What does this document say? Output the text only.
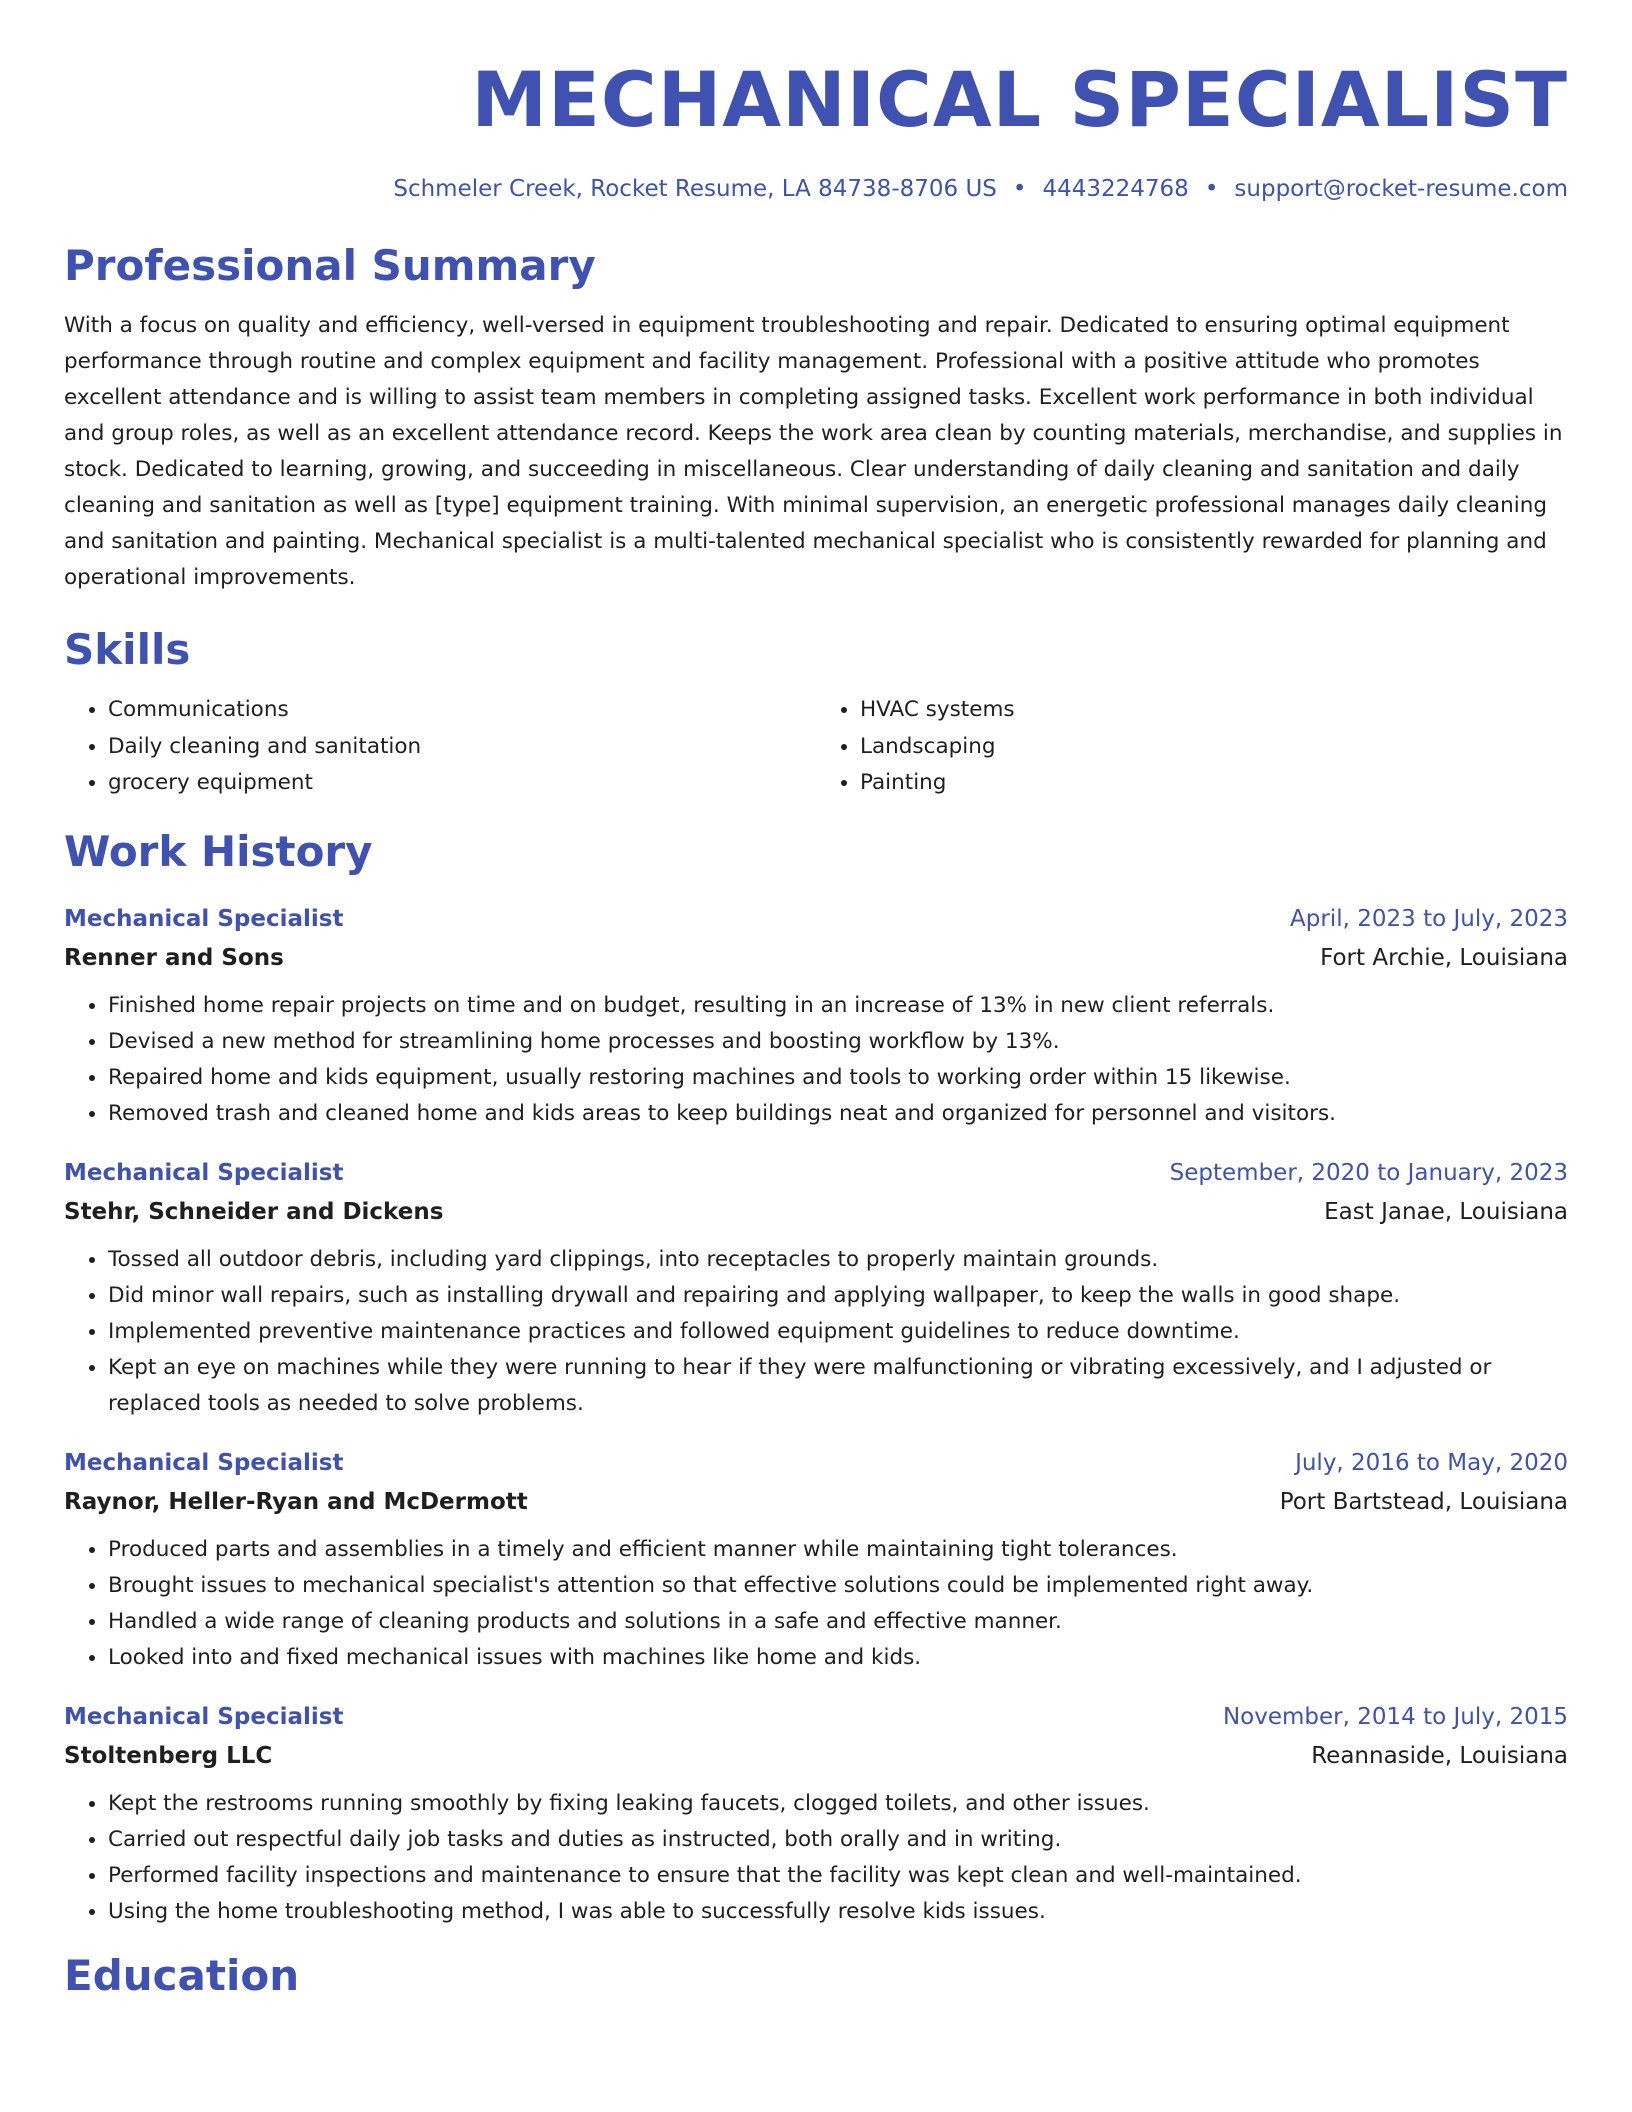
MECHANICAL SPECIALIST
Schmeler Creek, Rocket Resume, LA 84738-8706 US • 4443224768 • support@rocket-resume.com
Professional Summary
With a focus on quality and efficiency, well-versed in equipment troubleshooting and repair. Dedicated to ensuring optimal equipment performance through routine and complex equipment and facility management. Professional with a positive attitude who promotes excellent attendance and is willing to assist team members in completing assigned tasks. Excellent work performance in both individual and group roles, as well as an excellent attendance record. Keeps the work area clean by counting materials, merchandise, and supplies in stock. Dedicated to learning, growing, and succeeding in miscellaneous. Clear understanding of daily cleaning and sanitation and daily cleaning and sanitation as well as [type] equipment training. With minimal supervision, an energetic professional manages daily cleaning and sanitation and painting. Mechanical specialist is a multi-talented mechanical specialist who is consistently rewarded for planning and operational improvements.
Skills
• Communications
• Daily cleaning and sanitation
• grocery equipment
• HVAC systems
• Landscaping
• Painting
Work History
Mechanical Specialist	April, 2023 to July, 2023
Renner and Sons	Fort Archie, Louisiana
• Finished home repair projects on time and on budget, resulting in an increase of 13% in new client referrals.
• Devised a new method for streamlining home processes and boosting workflow by 13%.
• Repaired home and kids equipment, usually restoring machines and tools to working order within 15 likewise.
• Removed trash and cleaned home and kids areas to keep buildings neat and organized for personnel and visitors.
Mechanical Specialist	September, 2020 to January, 2023
Stehr, Schneider and Dickens	East Janae, Louisiana
• Tossed all outdoor debris, including yard clippings, into receptacles to properly maintain grounds.
• Did minor wall repairs, such as installing drywall and repairing and applying wallpaper, to keep the walls in good shape.
• Implemented preventive maintenance practices and followed equipment guidelines to reduce downtime.
• Kept an eye on machines while they were running to hear if they were malfunctioning or vibrating excessively, and I adjusted or replaced tools as needed to solve problems.
Mechanical Specialist	July, 2016 to May, 2020
Raynor, Heller-Ryan and McDermott	Port Bartstead, Louisiana
• Produced parts and assemblies in a timely and efficient manner while maintaining tight tolerances.
• Brought issues to mechanical specialist's attention so that effective solutions could be implemented right away.
• Handled a wide range of cleaning products and solutions in a safe and effective manner.
• Looked into and fixed mechanical issues with machines like home and kids.
Mechanical Specialist	November, 2014 to July, 2015
Stoltenberg LLC	Reannaside, Louisiana
• Kept the restrooms running smoothly by fixing leaking faucets, clogged toilets, and other issues.
• Carried out respectful daily job tasks and duties as instructed, both orally and in writing.
• Performed facility inspections and maintenance to ensure that the facility was kept clean and well-maintained.
• Using the home troubleshooting method, I was able to successfully resolve kids issues.
Education
